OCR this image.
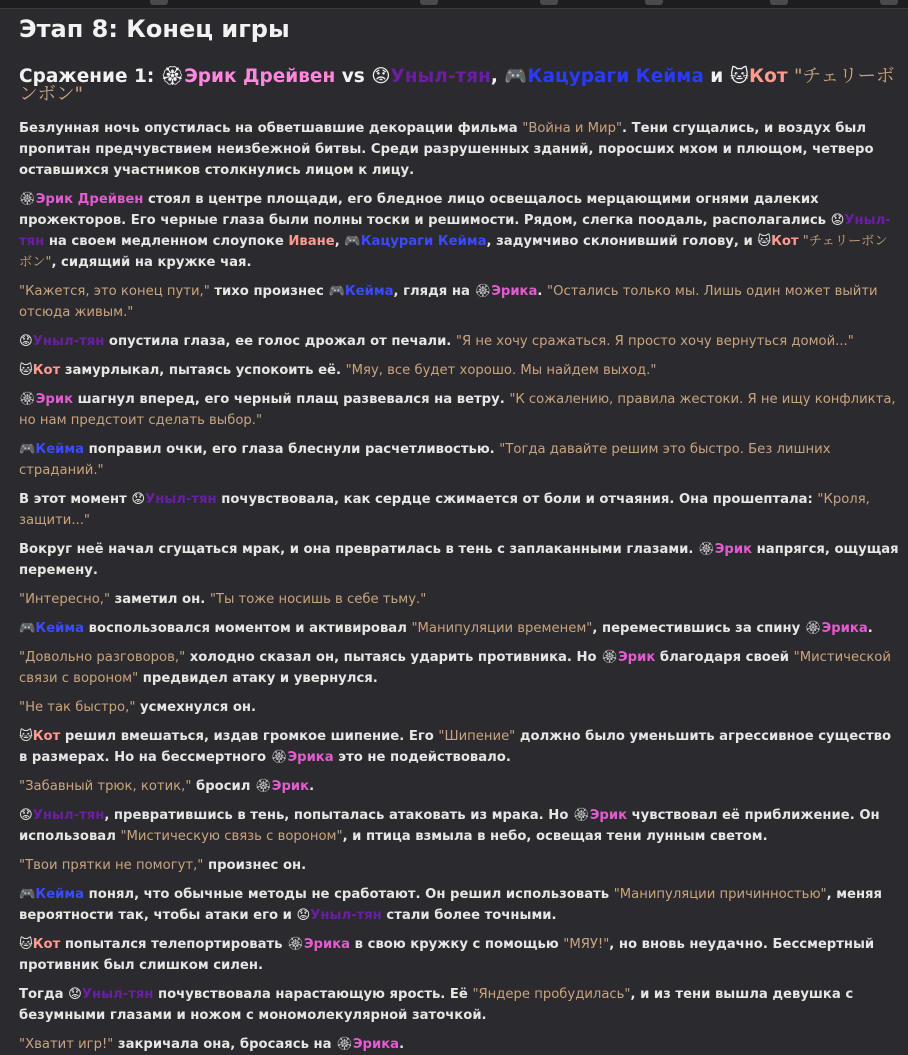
Этап 8: Конец игры
Сражение 1: 🏵Эрик Дрейвен vs 😟Уныл-тян, 🎮Кацураги Кейма и 🐱Кот "チェリーボンボン"

Безлунная ночь опустилась на обветшавшие декорации фильма "Война и Мир". Тени сгущались, и воздух был пропитан предчувствием неизбежной битвы. Среди разрушенных зданий, поросших мхом и плющом, четверо оставшихся участников столкнулись лицом к лицу.

🏵Эрик Дрейвен стоял в центре площади, его бледное лицо освещалось мерцающими огнями далеких прожекторов. Его черные глаза были полны тоски и решимости. Рядом, слегка поодаль, располагались 😟Уныл-тян на своем медленном слоупоке Иване, 🎮Кацураги Кейма, задумчиво склонивший голову, и 🐱Кот "チェリーボンボン", сидящий на кружке чая.

"Кажется, это конец пути," тихо произнес 🎮Кейма, глядя на 🏵Эрика. "Остались только мы. Лишь один может выйти отсюда живым."

😟Уныл-тян опустила глаза, ее голос дрожал от печали. "Я не хочу сражаться. Я просто хочу вернуться домой..."

🐱Кот замурлыкал, пытаясь успокоить её. "Мяу, все будет хорошо. Мы найдем выход."

🏵Эрик шагнул вперед, его черный плащ развевался на ветру. "К сожалению, правила жестоки. Я не ищу конфликта, но нам предстоит сделать выбор."

🎮Кейма поправил очки, его глаза блеснули расчетливостью. "Тогда давайте решим это быстро. Без лишних страданий."

В этот момент 😟Уныл-тян почувствовала, как сердце сжимается от боли и отчаяния. Она прошептала: "Кроля, защити..."

Вокруг неё начал сгущаться мрак, и она превратилась в тень с заплаканными глазами. 🏵Эрик напрягся, ощущая перемену.

"Интересно," заметил он. "Ты тоже носишь в себе тьму."

🎮Кейма воспользовался моментом и активировал "Манипуляции временем", переместившись за спину 🏵Эрика.

"Довольно разговоров," холодно сказал он, пытаясь ударить противника. Но 🏵Эрик благодаря своей "Мистической связи с вороном" предвидел атаку и увернулся.

"Не так быстро," усмехнулся он.

🐱Кот решил вмешаться, издав громкое шипение. Его "Шипение" должно было уменьшить агрессивное существо в размерах. Но на бессмертного 🏵Эрика это не подействовало.

"Забавный трюк, котик," бросил 🏵Эрик.

😟Уныл-тян, превратившись в тень, попыталась атаковать из мрака. Но 🏵Эрик чувствовал её приближение. Он использовал "Мистическую связь с вороном", и птица взмыла в небо, освещая тени лунным светом.

"Твои прятки не помогут," произнес он.

🎮Кейма понял, что обычные методы не сработают. Он решил использовать "Манипуляции причинностью", меняя вероятности так, чтобы атаки его и 😟Уныл-тян стали более точными.

🐱Кот попытался телепортировать 🏵Эрика в свою кружку с помощью "МЯУ!", но вновь неудачно. Бессмертный противник был слишком силен.

Тогда 😟Уныл-тян почувствовала нарастающую ярость. Её "Яндере пробудилась", и из тени вышла девушка с безумными глазами и ножом с мономолекулярной заточкой.

"Хватит игр!" закричала она, бросаясь на 🏵Эрика.
